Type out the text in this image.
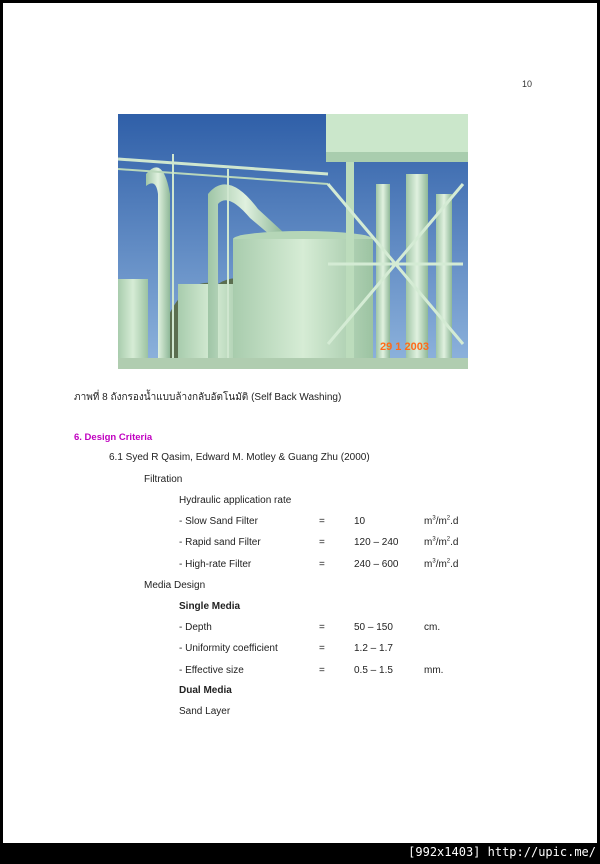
10
29 1 2003
ภาพที่ 8 ถังกรองน้ำแบบล้างกลับอัตโนมัติ (Self Back Washing)
6. Design Criteria
6.1 Syed R Qasim, Edward M. Motley & Guang Zhu (2000)
Filtration
Hydraulic application rate
- Slow Sand Filter	=	10	$m^3/m^2.d$
- Rapid sand Filter	=	120 – 240	$m^3/m^2.d$
- High-rate Filter	=	240 – 600	$m^3/m^2.d$
Media Design
Single Media
- Depth	=	50 – 150	cm.
- Uniformity coefficient	=	1.2 – 1.7
- Effective size	=	0.5 – 1.5	mm.
Dual Media
Sand Layer
[992x1403] http://upic.me/
